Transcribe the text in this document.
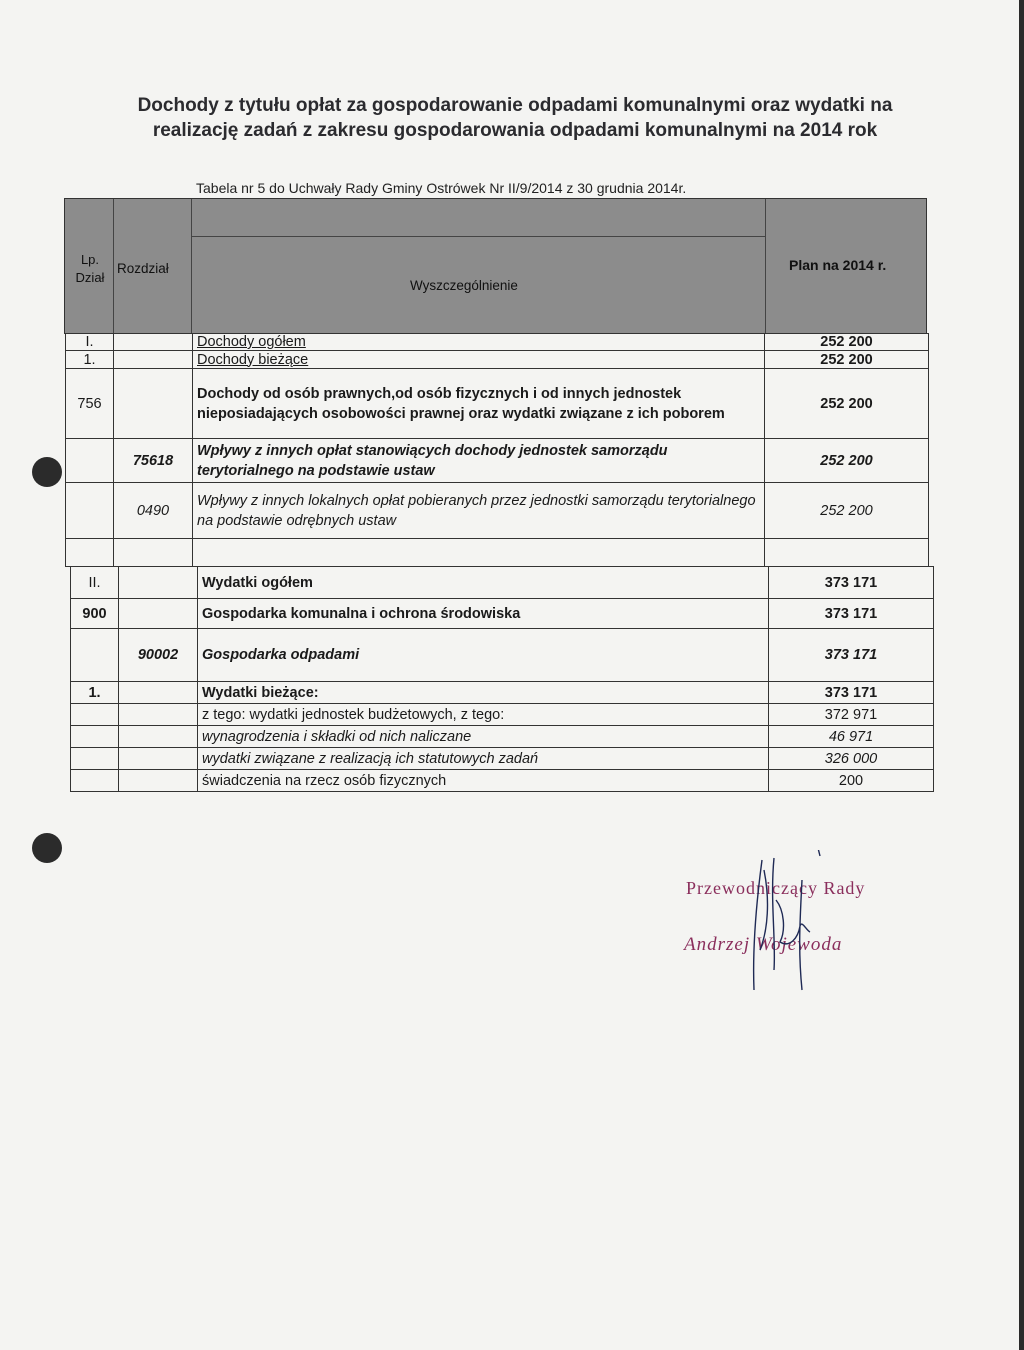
Dochody z tytułu opłat za gospodarowanie odpadami komunalnymi oraz wydatki na
realizację zadań z zakresu gospodarowania odpadami komunalnymi na 2014 rok
Tabela nr 5 do Uchwały Rady Gminy Ostrówek Nr II/9/2014 z 30 grudnia 2014r.
Lp.
Dział
Rozdział
Wyszczególnienie
Plan na 2014 r.
I.		Dochody ogółem	252 200
1.		Dochody bieżące	252 200
756		Dochody od osób prawnych,od osób fizycznych i od innych jednostek nieposiadających osobowości prawnej oraz wydatki związane z ich poborem	252 200
	75618	Wpływy z innych opłat stanowiących dochody jednostek samorządu terytorialnego na podstawie ustaw	252 200
	0490	Wpływy z innych lokalnych opłat pobieranych przez jednostki samorządu terytorialnego na podstawie odrębnych ustaw	252 200

II.		Wydatki ogółem	373 171
900		Gospodarka komunalna i ochrona środowiska	373 171
	90002	Gospodarka odpadami	373 171
1.		Wydatki bieżące:	373 171
		z tego: wydatki jednostek budżetowych, z tego:	372 971
		wynagrodzenia i składki od nich naliczane	46 971
		wydatki związane z realizacją ich statutowych zadań	326 000
		świadczenia na rzecz osób fizycznych	200
Przewodniczący Rady
Andrzej Wojewoda
